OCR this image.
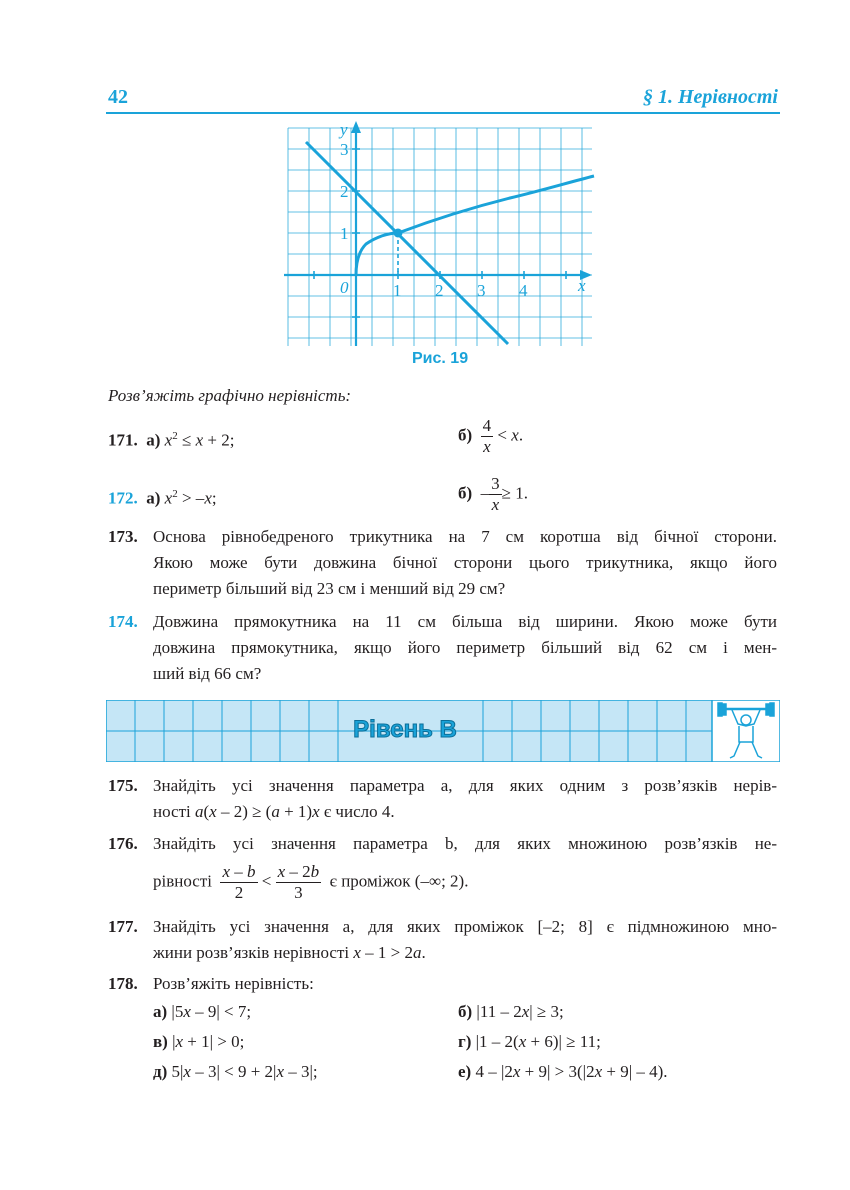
42	§ 1. Нерівності
y
x
0	1 2 3 4
1
2
3
Рис. 19
Розв’яжіть графічно нерівність:
171. а) $x^2 \le x + 2$;	$б) \frac{4}{x} < x$.
172. а) $x^2 > -x$;	$б) - \frac{3}{x} \ge 1$.
173. Основа рівнобедреного трикутника на 7 см коротша від бічної сторони.
Якою може бути довжина бічної сторони цього трикутника, якщо його
периметр більший від 23 см і менший від 29 см?
174. Довжина прямокутника на 11 см більша від ширини. Якою може бути
довжина прямокутника, якщо його периметр більший від 62 см і мен-
ший від 66 см?
Рівень В
175. Знайдіть усі значення параметра a, для яких одним з розв’язків нерів-
ності a(x – 2) ≥ (a + 1)x є число 4.
176. Знайдіть усі значення параметра b, для яких множиною розв’язків не-
рівності $\frac{x - b}{2} < \frac{x - 2b}{3}$ є проміжок (–∞; 2).
177. Знайдіть усі значення a, для яких проміжок [–2; 8] є підмножиною мно-
жини розв’язків нерівності x – 1 > 2a.
178. Розв’яжіть нерівність:
а) |5x – 9| < 7;	б) |11 – 2x| ≥ 3;
в) |x + 1| > 0;	г) |1 – 2(x + 6)| ≥ 11;
д) 5|x – 3| < 9 + 2|x – 3|;	е) 4 – |2x + 9| > 3(|2x + 9| – 4).
